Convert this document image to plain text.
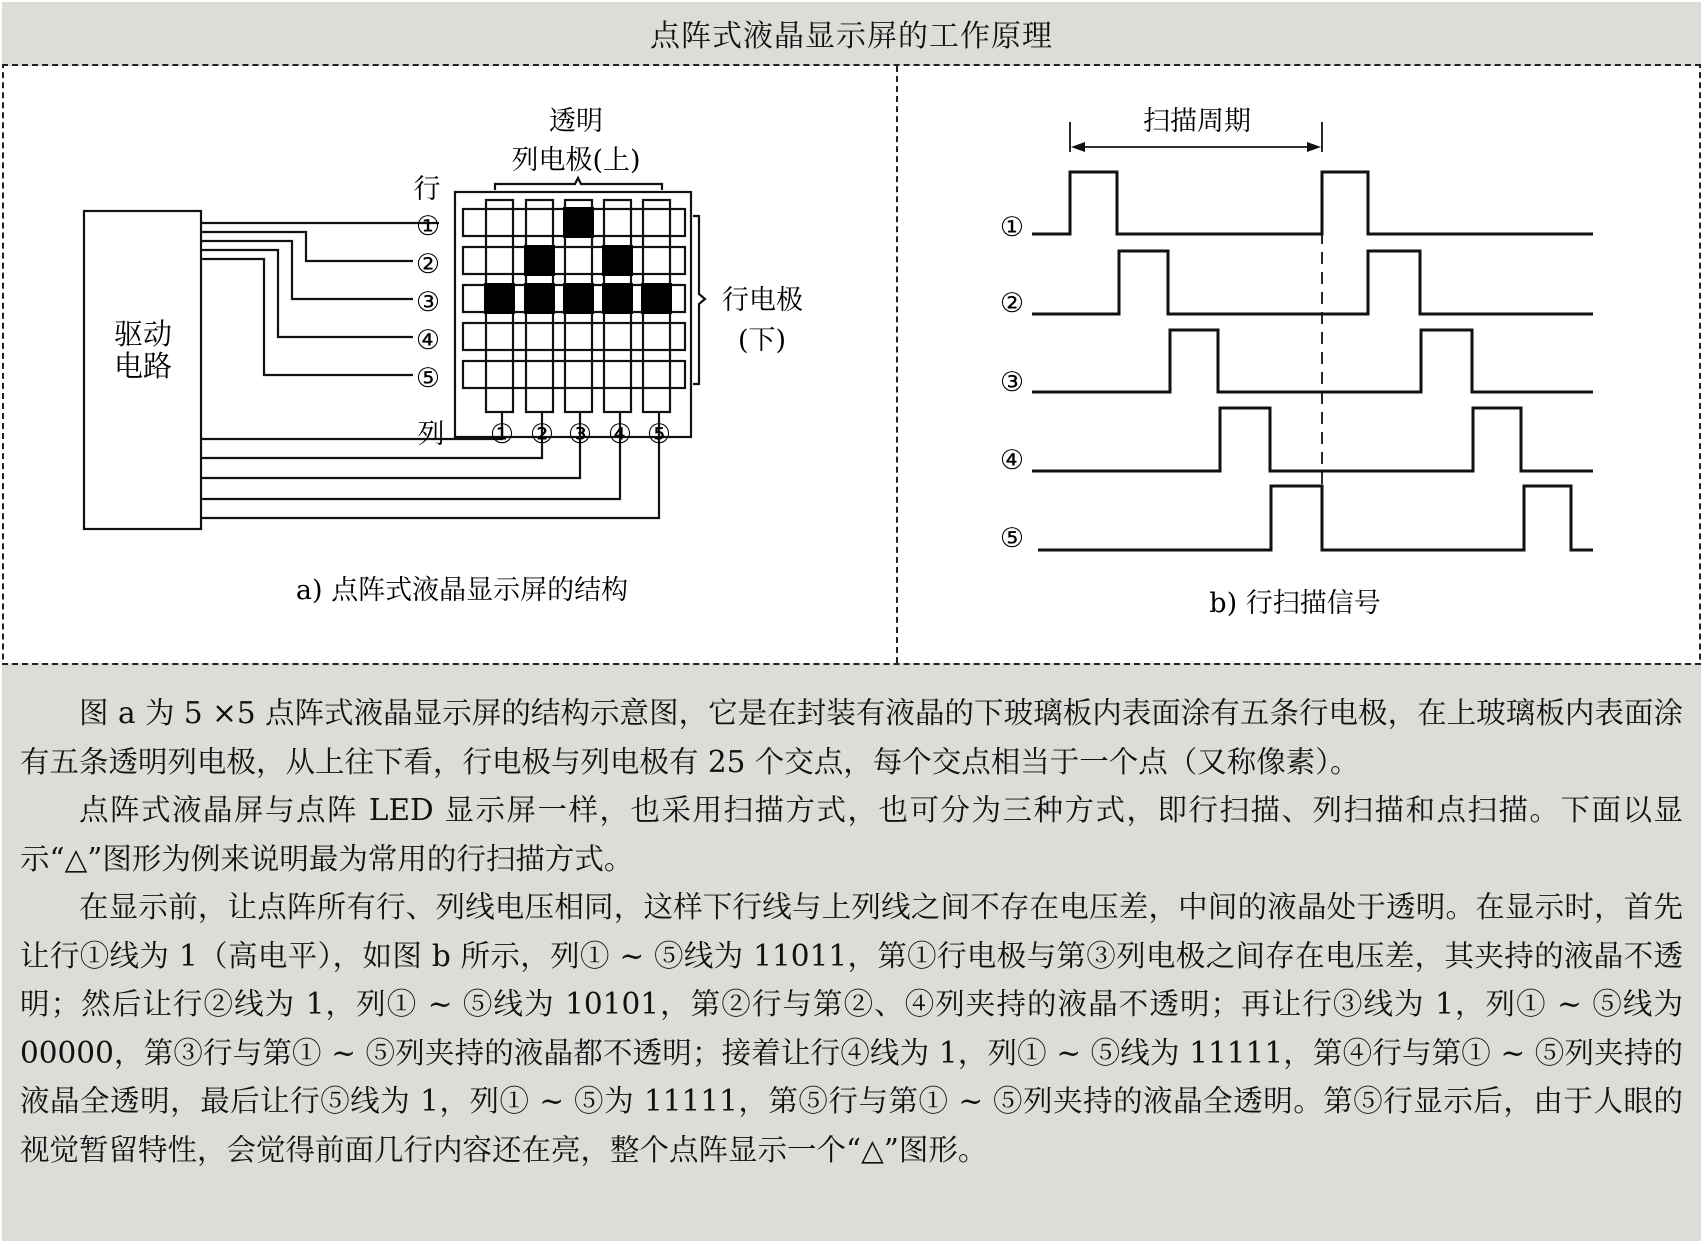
点阵式液晶显示屏的工作原理
透明
列电极(上)
行
行电极
(下)
驱动
电路
列
①
②
③
④
⑤
① ② ③ ④ ⑤
a) 点阵式液晶显示屏的结构
扫描周期
①
②
③
④
⑤
b) 行扫描信号

图 a 为 5 ×5 点阵式液晶显示屏的结构示意图，它是在封装有液晶的下玻璃板内表面涂有五条行电极，在上玻璃板内表面涂有五条透明列电极，从上往下看，行电极与列电极有 25 个交点，每个交点相当于一个点（又称像素）。

点阵式液晶屏与点阵 LED 显示屏一样，也采用扫描方式，也可分为三种方式，即行扫描、列扫描和点扫描。下面以显示“△”图形为例来说明最为常用的行扫描方式。

在显示前，让点阵所有行、列线电压相同，这样下行线与上列线之间不存在电压差，中间的液晶处于透明。在显示时，首先让行①线为 1（高电平），如图 b 所示，列① ~ ⑤线为 11011，第①行电极与第③列电极之间存在电压差，其夹持的液晶不透明；然后让行②线为 1，列① ~ ⑤线为 10101，第②行与第②、④列夹持的液晶不透明；再让行③线为 1，列① ~ ⑤线为 00000，第③行与第① ~ ⑤列夹持的液晶都不透明；接着让行④线为 1，列① ~ ⑤线为 11111，第④行与第① ~ ⑤列夹持的液晶全透明，最后让行⑤线为 1，列① ~ ⑤为 11111，第⑤行与第① ~ ⑤列夹持的液晶全透明。第⑤行显示后，由于人眼的视觉暂留特性，会觉得前面几行内容还在亮，整个点阵显示一个“△”图形。
